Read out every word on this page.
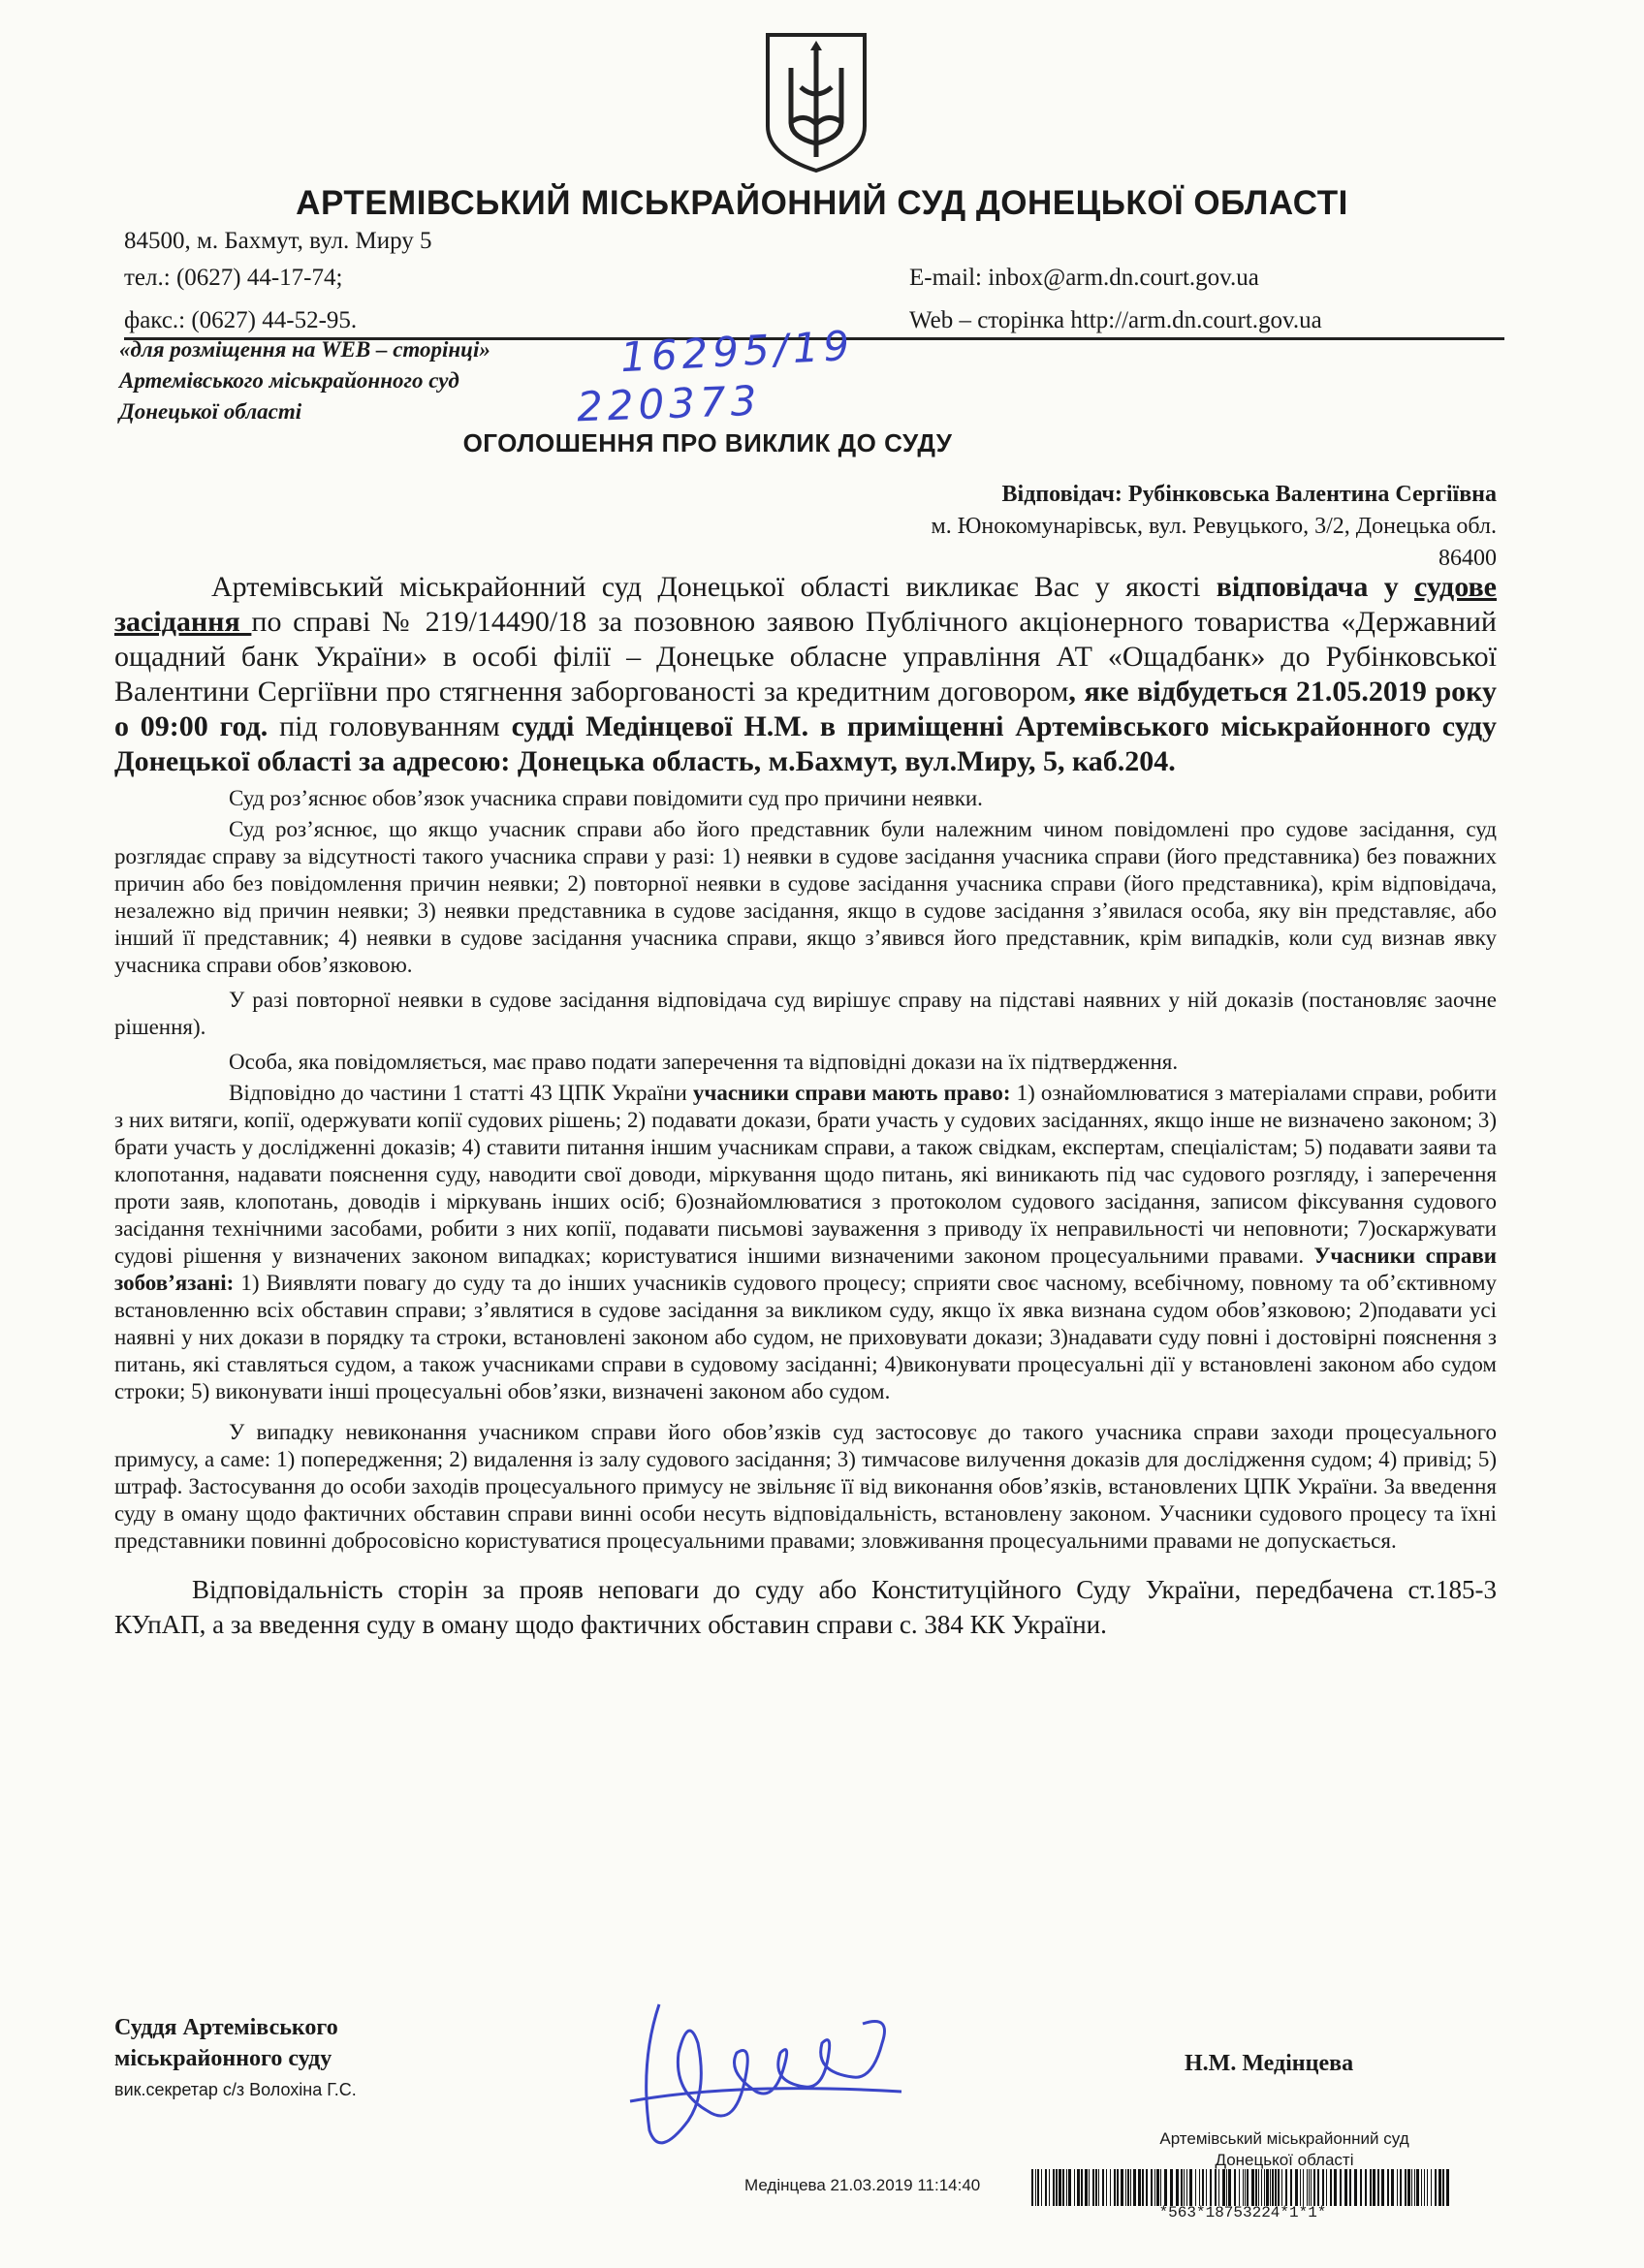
АРТЕМІВСЬКИЙ МІСЬКРАЙОННИЙ СУД ДОНЕЦЬКОЇ ОБЛАСТІ
84500, м. Бахмут, вул. Миру 5
тел.: (0627) 44-17-74;
факс.: (0627) 44-52-95.
E-mail: inbox@arm.dn.court.gov.ua
Web – сторінка http://arm.dn.court.gov.ua
«для розміщення на WEB – сторінці»
Артемівського міськрайонного суд
Донецької області
16295/19
220373
ОГОЛОШЕННЯ ПРО ВИКЛИК ДО СУДУ
Відповідач: Рубінковська Валентина Сергіївна
м. Юнокомунарівськ, вул. Ревуцького, 3/2, Донецька обл.
86400

Артемівський міськрайонний суд Донецької області викликає Вас у якості відповідача у судове засідання по справі № 219/14490/18 за позовною заявою Публічного акціонерного товариства «Державний ощадний банк України» в особі філії – Донецьке обласне управління АТ «Ощадбанк» до Рубінковської Валентини Сергіївни про стягнення заборгованості за кредитним договором, яке відбудеться 21.05.2019 року о 09:00 год. під головуванням судді Медінцевої Н.М. в приміщенні Артемівського міськрайонного суду Донецької області за адресою: Донецька область, м.Бахмут, вул.Миру, 5, каб.204.

Суд роз’яснює обов’язок учасника справи повідомити суд про причини неявки.

Суд роз’яснює, що якщо учасник справи або його представник були належним чином повідомлені про судове засідання, суд розглядає справу за відсутності такого учасника справи у разі: 1) неявки в судове засідання учасника справи (його представника) без поважних причин або без повідомлення причин неявки; 2) повторної неявки в судове засідання учасника справи (його представника), крім відповідача, незалежно від причин неявки; 3) неявки представника в судове засідання, якщо в судове засідання з’явилася особа, яку він представляє, або інший її представник; 4) неявки в судове засідання учасника справи, якщо з’явився його представник, крім випадків, коли суд визнав явку учасника справи обов’язковою.

У разі повторної неявки в судове засідання відповідача суд вирішує справу на підставі наявних у ній доказів (постановляє заочне рішення).

Особа, яка повідомляється, має право подати заперечення та відповідні докази на їх підтвердження.

Відповідно до частини 1 статті 43 ЦПК України учасники справи мають право: 1) ознайомлюватися з матеріалами справи, робити з них витяги, копії, одержувати копії судових рішень; 2) подавати докази, брати участь у судових засіданнях, якщо інше не визначено законом; 3) брати участь у дослідженні доказів; 4) ставити питання іншим учасникам справи, а також свідкам, експертам, спеціалістам; 5) подавати заяви та клопотання, надавати пояснення суду, наводити свої доводи, міркування щодо питань, які виникають під час судового розгляду, і заперечення проти заяв, клопотань, доводів і міркувань інших осіб; 6)ознайомлюватися з протоколом судового засідання, записом фіксування судового засідання технічними засобами, робити з них копії, подавати письмові зауваження з приводу їх неправильності чи неповноти; 7)оскаржувати судові рішення у визначених законом випадках; користуватися іншими визначеними законом процесуальними правами. Учасники справи зобов’язані: 1) Виявляти повагу до суду та до інших учасників судового процесу; сприяти своє часному, всебічному, повному та об’єктивному встановленню всіх обставин справи; з’являтися в судове засідання за викликом суду, якщо їх явка визнана судом обов’язковою; 2)подавати усі наявні у них докази в порядку та строки, встановлені законом або судом, не приховувати докази; 3)надавати суду повні і достовірні пояснення з питань, які ставляться судом, а також учасниками справи в судовому засіданні; 4)виконувати процесуальні дії у встановлені законом або судом строки; 5) виконувати інші процесуальні обов’язки, визначені законом або судом.

У випадку невиконання учасником справи його обов’язків суд застосовує до такого учасника справи заходи процесуального примусу, а саме: 1) попередження; 2) видалення із залу судового засідання; 3) тимчасове вилучення доказів для дослідження судом; 4) привід; 5) штраф. Застосування до особи заходів процесуального примусу не звільняє її від виконання обов’язків, встановлених ЦПК України. За введення суду в оману щодо фактичних обставин справи винні особи несуть відповідальність, встановлену законом. Учасники судового процесу та їхні представники повинні добросовісно користуватися процесуальними правами; зловживання процесуальними правами не допускається.

Відповідальність сторін за прояв неповаги до суду або Конституційного Суду України, передбачена ст.185-3 КУпАП, а за введення суду в оману щодо фактичних обставин справи с. 384 КК України.

Суддя Артемівського
міськрайонного суду
вик.секретар с/з Волохіна Г.С.
Н.М. Медінцева
Артемівський міськрайонний суд
Донецької області
Медінцева 21.03.2019 11:14:40
*563*18753224*1*1*
